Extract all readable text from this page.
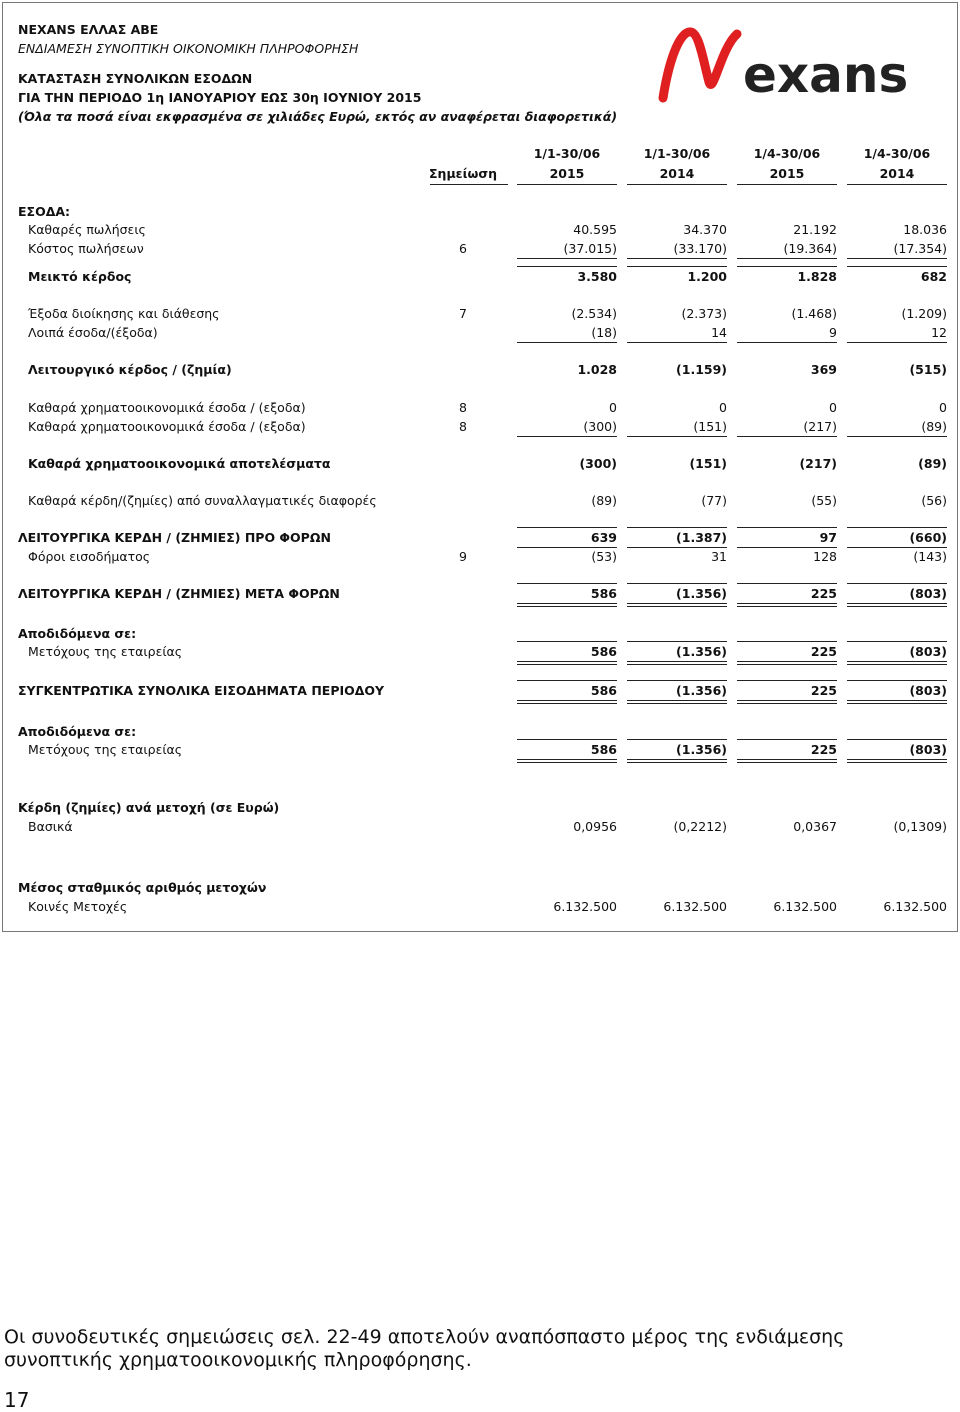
NEXANS ΕΛΛΑΣ ΑΒΕ
ΕΝΔΙΑΜΕΣΗ ΣΥΝΟΠΤΙΚΗ ΟΙΚΟΝΟΜΙΚΗ ΠΛΗΡΟΦΟΡΗΣΗ
ΚΑΤΑΣΤΑΣΗ ΣΥΝΟΛΙΚΩΝ ΕΣΟΔΩΝ
ΓΙΑ ΤΗΝ ΠΕΡΙΟΔΟ 1η ΙΑΝΟΥΑΡΙΟΥ ΕΩΣ 30η ΙΟΥΝΙΟΥ 2015
(Όλα τα ποσά είναι εκφρασμένα σε χιλιάδες Ευρώ, εκτός αν αναφέρεται διαφορετικά)
exans
1/1-30/06	1/1-30/06	1/4-30/06	1/4-30/06
2015	2014	2015	2014
Σημείωση
ΕΣΟΔΑ:
Καθαρές πωλήσεις	40.595	34.370	21.192	18.036
Κόστος πωλήσεων	6	(37.015)	(33.170)	(19.364)	(17.354)
Μεικτό κέρδος	3.580	1.200	1.828	682
Έξοδα διοίκησης και διάθεσης	7	(2.534)	(2.373)	(1.468)	(1.209)
Λοιπά έσοδα/(έξοδα)	(18)	14	9	12
Λειτουργικό κέρδος / (ζημία)	1.028	(1.159)	369	(515)
Καθαρά χρηματοοικονομικά έσοδα / (εξοδα)	8	0	0	0	0
Καθαρά χρηματοοικονομικά έσοδα / (εξοδα)	8	(300)	(151)	(217)	(89)
Καθαρά χρηματοοικονομικά αποτελέσματα	(300)	(151)	(217)	(89)
Καθαρά κέρδη/(ζημίες) από συναλλαγματικές διαφορές	(89)	(77)	(55)	(56)
ΛΕΙΤΟΥΡΓΙΚΑ ΚΕΡΔΗ / (ΖΗΜΙΕΣ) ΠΡΟ ΦΟΡΩΝ	639	(1.387)	97	(660)
Φόροι εισοδήματος	9	(53)	31	128	(143)
ΛΕΙΤΟΥΡΓΙΚΑ ΚΕΡΔΗ / (ΖΗΜΙΕΣ) ΜΕΤΑ ΦΟΡΩΝ	586	(1.356)	225	(803)
Αποδιδόμενα σε:
Μετόχους της εταιρείας	586	(1.356)	225	(803)
ΣΥΓΚΕΝΤΡΩΤΙΚΑ ΣΥΝΟΛΙΚΑ ΕΙΣΟΔΗΜΑΤΑ ΠΕΡΙΟΔΟΥ	586	(1.356)	225	(803)
Αποδιδόμενα σε:
Μετόχους της εταιρείας	586	(1.356)	225	(803)
Κέρδη (ζημίες) ανά μετοχή (σε Ευρώ)
Βασικά	0,0956	(0,2212)	0,0367	(0,1309)
Μέσος σταθμικός αριθμός μετοχών
Κοινές Μετοχές	6.132.500	6.132.500	6.132.500	6.132.500
Οι συνοδευτικές σημειώσεις σελ. 22-49 αποτελούν αναπόσπαστο μέρος της ενδιάμεσης συνοπτικής χρηματοοικονομικής πληροφόρησης.
17
